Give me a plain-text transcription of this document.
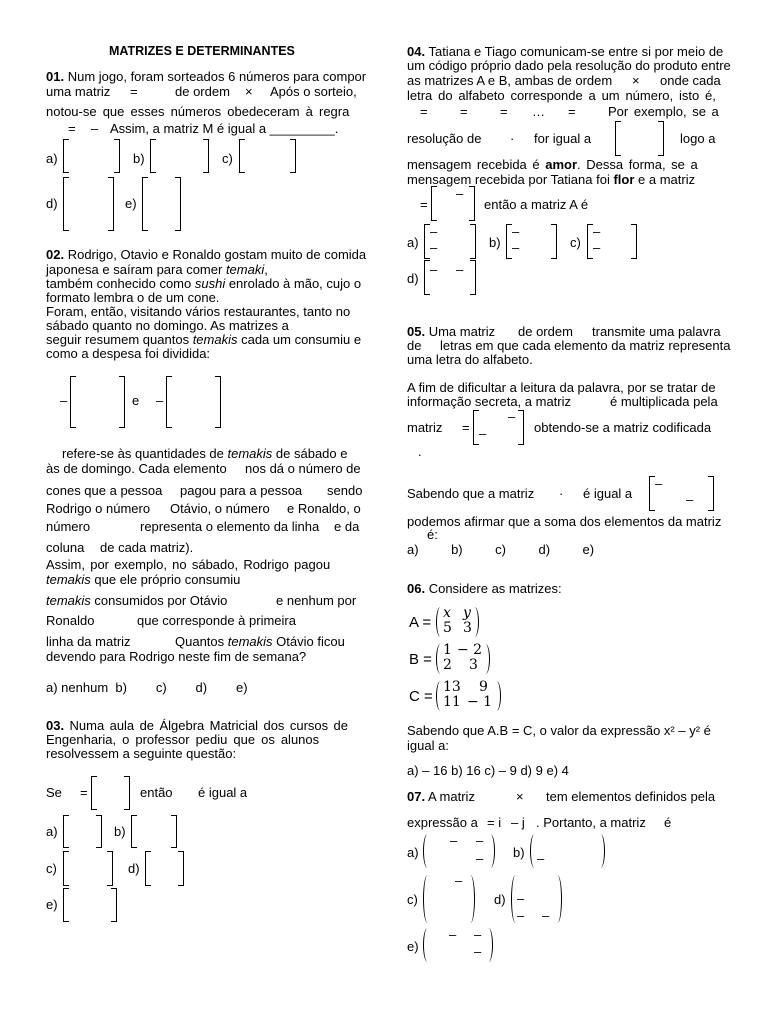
MATRIZES E DETERMINANTES
01. Num jogo, foram sorteados 6 números para compor
uma matriz =	de ordem × Após o sorteio,
notou-se que esses números obedeceram à regra
= – Assim, a matriz M é igual a _________.
a)	b)	c)
d)	e)
02. Rodrigo, Otavio e Ronaldo gostam muito de comida
japonesa e saíram para comer temaki,
também conhecido como sushi enrolado à mão, cujo o
formato lembra o de um cone.
Foram, então, visitando vários restaurantes, tanto no
sábado quanto no domingo. As matrizes a
seguir resumem quantos temakis cada um consumiu e
como a despesa foi dividida:
–	e –
refere-se às quantidades de temakis de sábado e
às de domingo. Cada elemento nos dá o número de
cones que a pessoa pagou para a pessoa sendo
Rodrigo o número Otávio, o número e Ronaldo, o
número	representa o elemento da linha e da
coluna de cada matriz).
Assim, por exemplo, no sábado, Rodrigo pagou
temakis que ele próprio consumiu
temakis consumidos por Otávio	e nenhum por
Ronaldo	que corresponde à primeira
linha da matriz	Quantos temakis Otávio ficou
devendo para Rodrigo neste fim de semana?
a) nenhum  b)        c)        d)        e)
03. Numa aula de Álgebra Matricial dos cursos de
Engenharia, o professor pediu que os alunos
resolvessem a seguinte questão:
Se =	então é igual a
a)	b)
c)	d)
e)
04. Tatiana e Tiago comunicam-se entre si por meio de
um código próprio dado pela resolução do produto entre
as matrizes A e B, ambas de ordem × onde cada
letra do alfabeto corresponde a um número, isto é,
= = = … = Por exemplo, se a
resolução de · for igual a	logo a
mensagem recebida é amor. Dessa forma, se a
mensagem recebida por Tatiana foi flor e a matriz
=
–
então a matriz A é
a)
–
–	b)
–
–	c)
–
–
d)
– –
05. Uma matriz de ordem transmite uma palavra
de letras em que cada elemento da matriz representa
uma letra do alfabeto.
A fim de dificultar a leitura da palavra, por se tratar de
informação secreta, a matriz	é multiplicada pela
matriz =
–
–	obtendo-se a matriz codificada
.
Sabendo que a matriz · é igual a
–
–
podemos afirmar que a soma dos elementos da matriz
é:
a)         b)         c)         d)         e)
06. Considere as matrizes:
A =
x y
5 3
B =
1 − 2
2 3
C =
13 9
11 − 1
Sabendo que A.B = C, o valor da expressão x² – y² é
igual a:
a) – 16 b) 16 c) – 9 d) 9 e) 4
07. A matriz	× tem elementos definidos pela
expressão a = i – j . Portanto, a matriz é
a)
– –
– b) –
c)
–
d) –
– –
e)
– –
–
